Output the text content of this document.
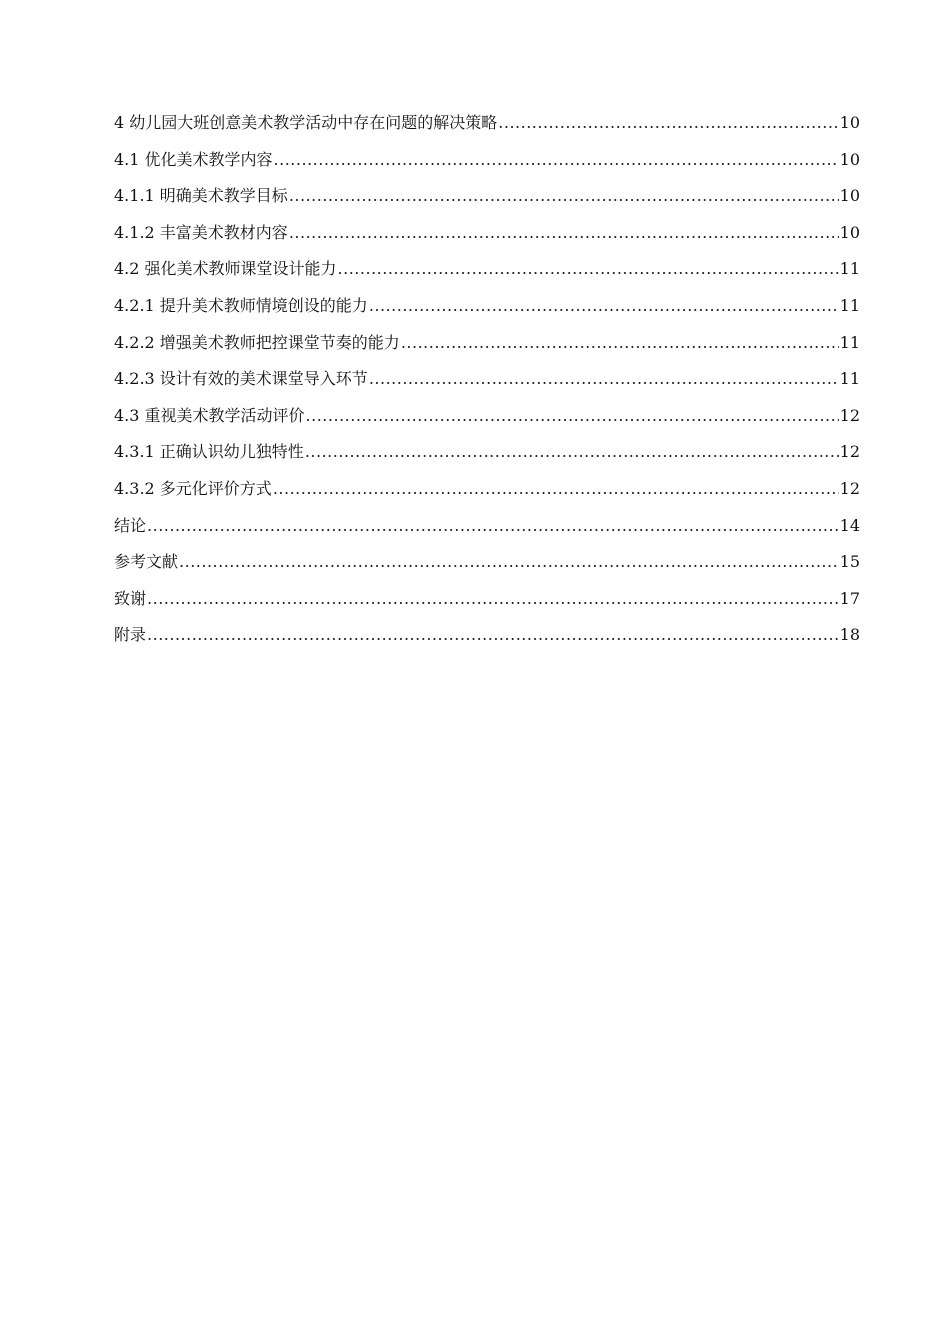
4 幼儿园大班创意美术教学活动中存在问题的解决策略 .....	10
4.1 优化美术教学内容 .....	10
4.1.1 明确美术教学目标 .....	10
4.1.2 丰富美术教材内容 .....	10
4.2 强化美术教师课堂设计能力 .....	11
4.2.1 提升美术教师情境创设的能力 .....	11
4.2.2 增强美术教师把控课堂节奏的能力 .....	11
4.2.3 设计有效的美术课堂导入环节 .....	11
4.3 重视美术教学活动评价 .....	12
4.3.1 正确认识幼儿独特性 .....	12
4.3.2 多元化评价方式 .....	12
结论 .....	14
参考文献 .....	15
致谢 .....	17
附录 .....	18
